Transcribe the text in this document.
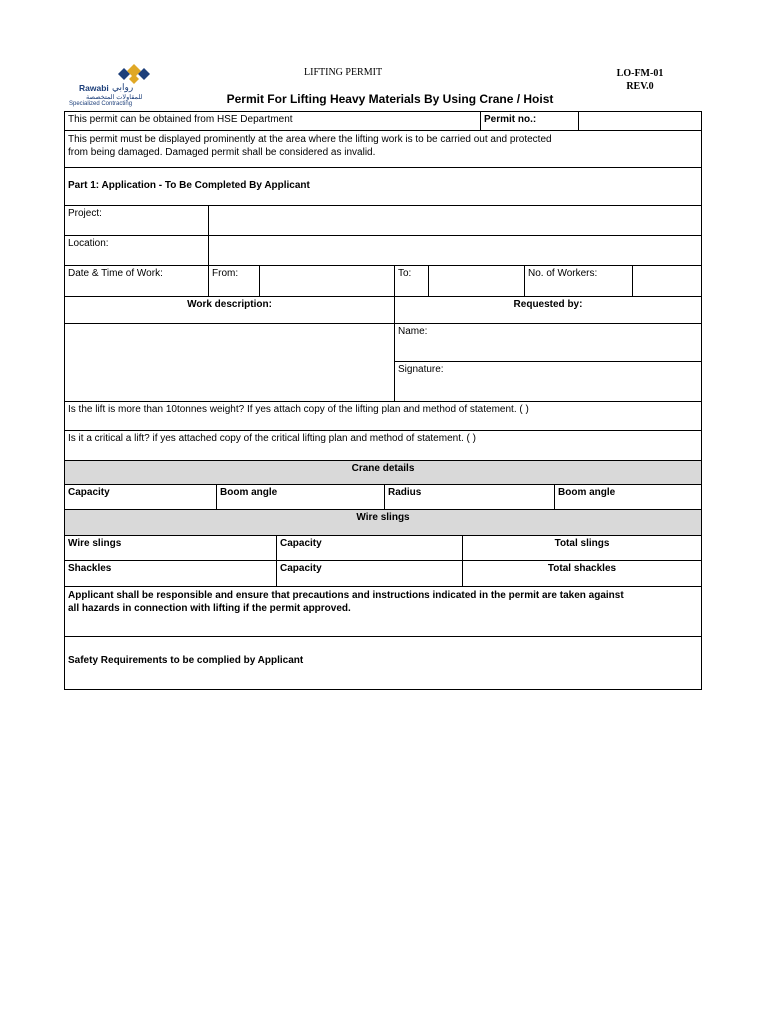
Rawabi روابي
للمقاولات المتخصصة
Specialized Contracting
LIFTING PERMIT	LO-FM-01
REV.0
Permit For Lifting Heavy Materials By Using Crane / Hoist
This permit can be obtained from HSE Department	Permit no.:
This permit must be displayed prominently at the area where the lifting work is to be carried out and protected
from being damaged. Damaged permit shall be considered as invalid.
Part 1: Application - To Be Completed By Applicant
Project:
Location:
Date & Time of Work:	From:	To:	No. of Workers:
Work description:	Requested by:
Name:
Signature:
Is the lift is more than 10tonnes weight? If yes attach copy of the lifting plan and method of statement. ( )
Is it a critical a lift? if yes attached copy of the critical lifting plan and method of statement. ( )
Crane details
Capacity	Boom angle	Radius	Boom angle
Wire slings
Wire slings	Capacity	Total slings
Shackles	Capacity	Total shackles
Applicant shall be responsible and ensure that precautions and instructions indicated in the permit are taken against
all hazards in connection with lifting if the permit approved.
Safety Requirements to be complied by Applicant
